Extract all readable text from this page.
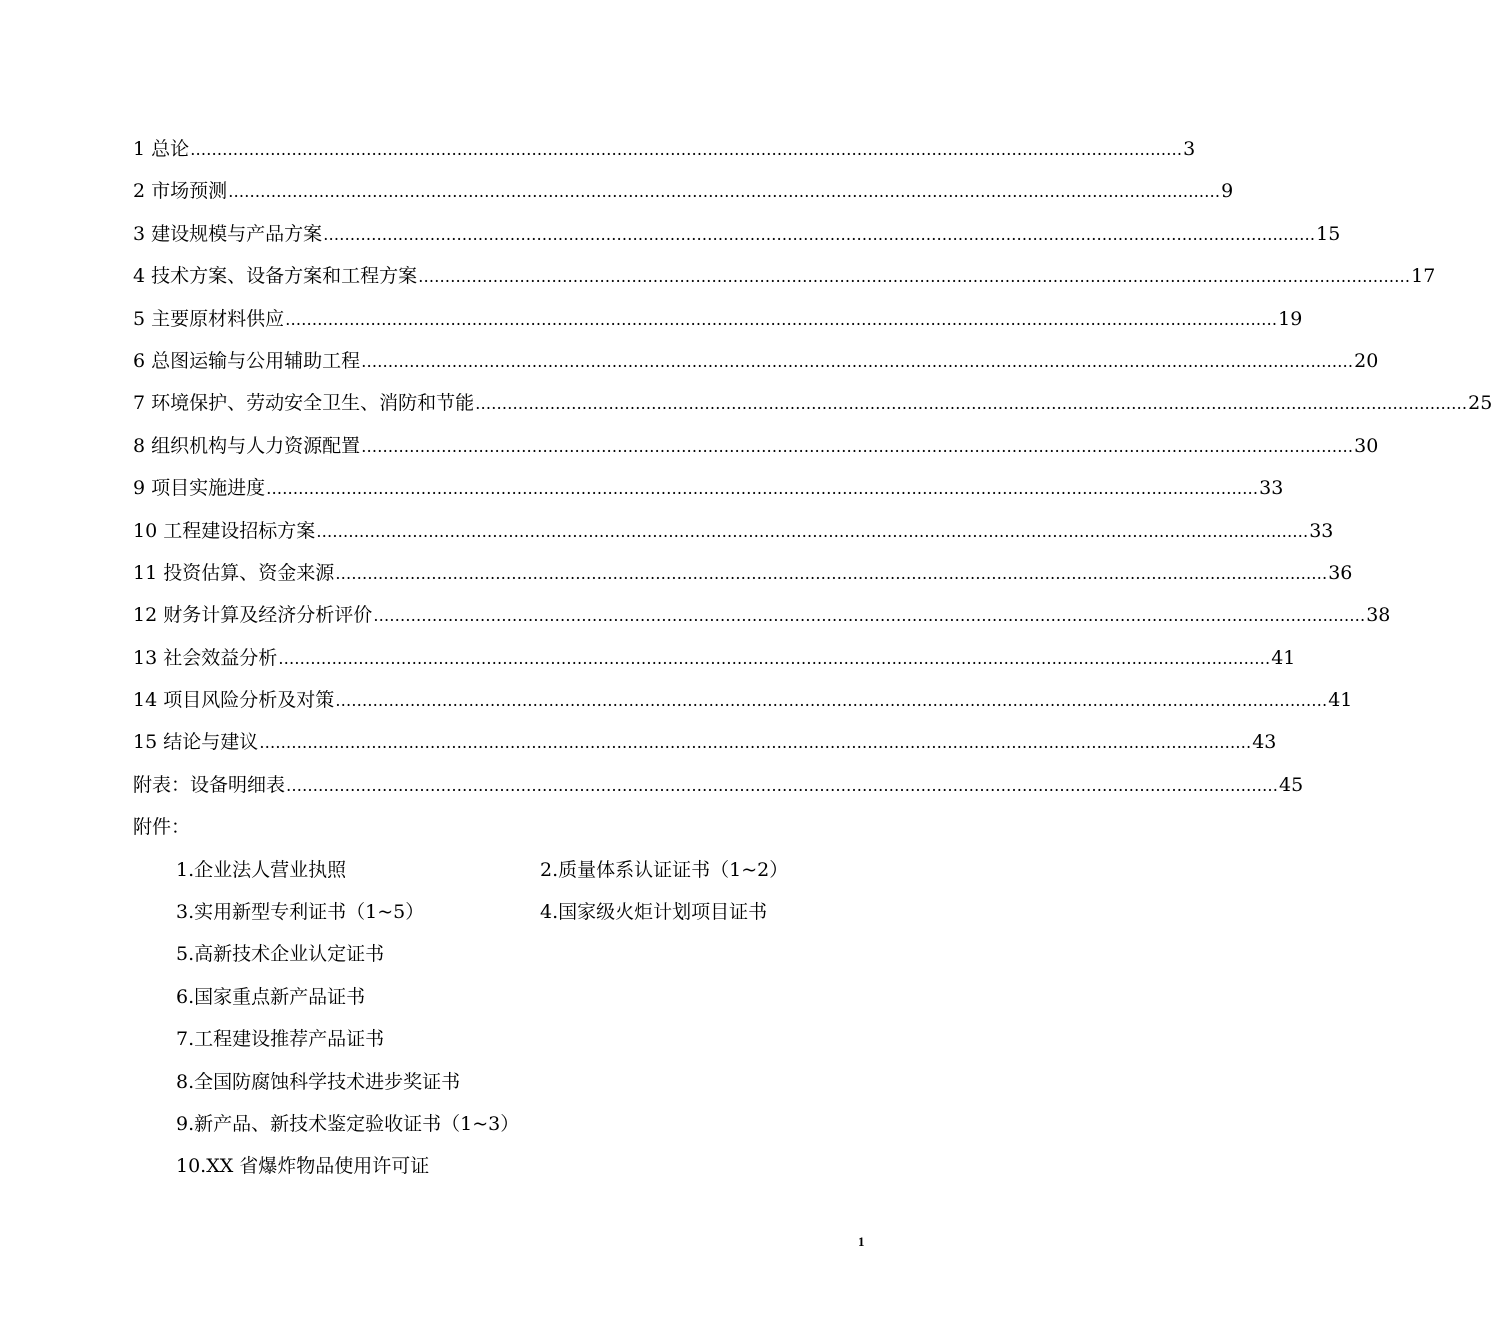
1 总论 …………………………………………………………………………………………………………………………………………………………………… 3
2 市场预测 …………………………………………………………………………………………………………………………………………………………………… 9
3 建设规模与产品方案 …………………………………………………………………………………………………………………………………………………………………… 15
4 技术方案、设备方案和工程方案 …………………………………………………………………………………………………………………………………………………………………… 17
5 主要原材料供应 …………………………………………………………………………………………………………………………………………………………………… 19
6 总图运输与公用辅助工程 …………………………………………………………………………………………………………………………………………………………………… 20
7 环境保护、劳动安全卫生、消防和节能 …………………………………………………………………………………………………………………………………………………………………… 25
8 组织机构与人力资源配置 …………………………………………………………………………………………………………………………………………………………………… 30
9 项目实施进度 …………………………………………………………………………………………………………………………………………………………………… 33
10 工程建设招标方案 …………………………………………………………………………………………………………………………………………………………………… 33
11 投资估算、资金来源 …………………………………………………………………………………………………………………………………………………………………… 36
12 财务计算及经济分析评价 …………………………………………………………………………………………………………………………………………………………………… 38
13 社会效益分析 …………………………………………………………………………………………………………………………………………………………………… 41
14 项目风险分析及对策 …………………………………………………………………………………………………………………………………………………………………… 41
15 结论与建议 …………………………………………………………………………………………………………………………………………………………………… 43
附表：设备明细表 …………………………………………………………………………………………………………………………………………………………………… 45
附件：
1.企业法人营业执照	2.质量体系认证证书（1~2）
3.实用新型专利证书（1~5）	4.国家级火炬计划项目证书
5.高新技术企业认定证书
6.国家重点新产品证书
7.工程建设推荐产品证书
8.全国防腐蚀科学技术进步奖证书
9.新产品、新技术鉴定验收证书（1~3）
10.XX 省爆炸物品使用许可证
1
